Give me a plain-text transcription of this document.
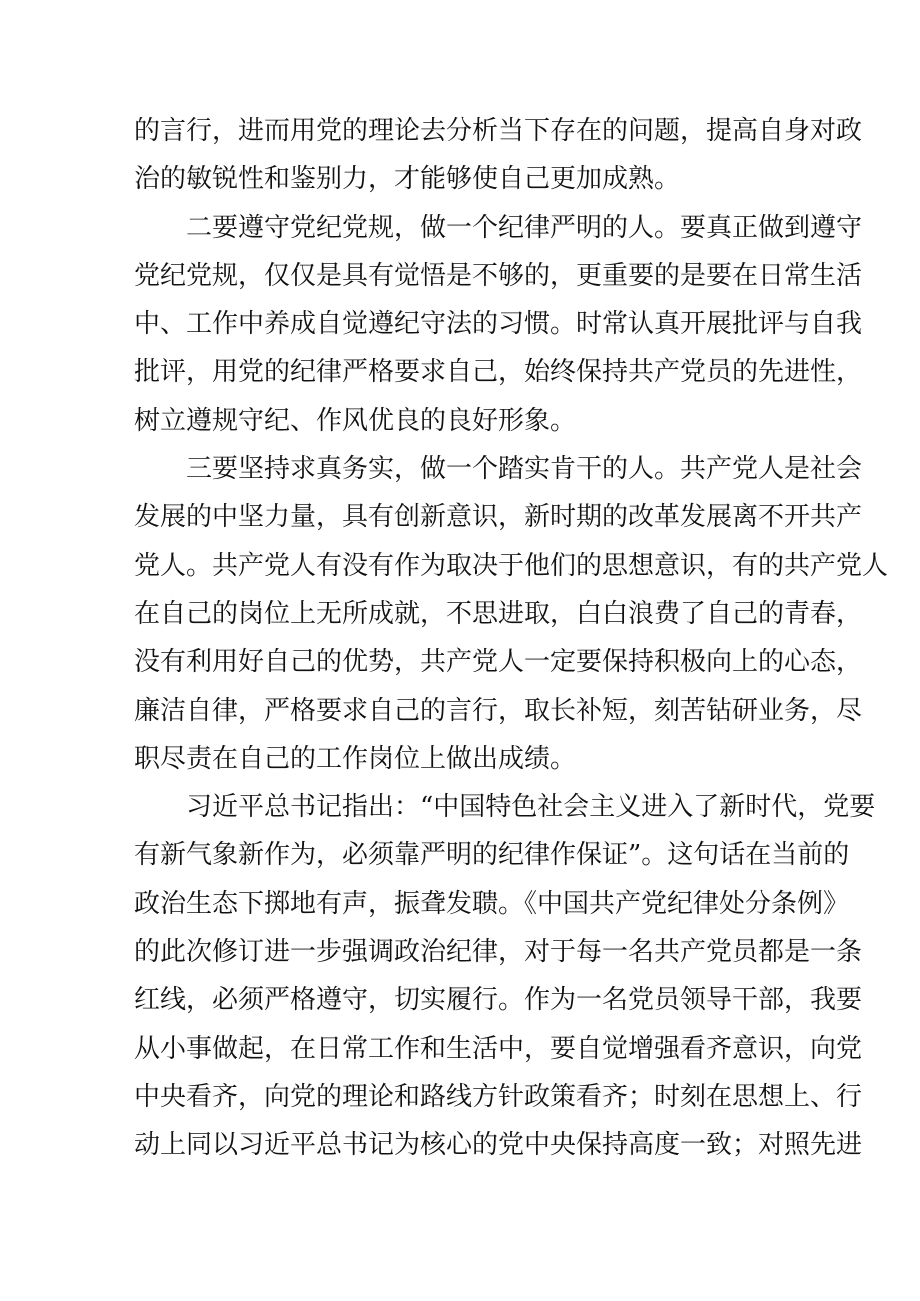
的言行，进而用党的理论去分析当下存在的问题，提高自身对政
治的敏锐性和鉴别力，才能够使自己更加成熟。
二要遵守党纪党规，做一个纪律严明的人。要真正做到遵守
党纪党规，仅仅是具有觉悟是不够的，更重要的是要在日常生活
中、工作中养成自觉遵纪守法的习惯。时常认真开展批评与自我
批评，用党的纪律严格要求自己，始终保持共产党员的先进性，
树立遵规守纪、作风优良的良好形象。
三要坚持求真务实，做一个踏实肯干的人。共产党人是社会
发展的中坚力量，具有创新意识，新时期的改革发展离不开共产
党人。共产党人有没有作为取决于他们的思想意识，有的共产党人
在自己的岗位上无所成就，不思进取，白白浪费了自己的青春，
没有利用好自己的优势，共产党人一定要保持积极向上的心态，
廉洁自律，严格要求自己的言行，取长补短，刻苦钻研业务，尽
职尽责在自己的工作岗位上做出成绩。
习近平总书记指出：“中国特色社会主义进入了新时代，党要
有新气象新作为，必须靠严明的纪律作保证”。这句话在当前的
政治生态下掷地有声，振聋发聩。《中国共产党纪律处分条例》
的此次修订进一步强调政治纪律，对于每一名共产党员都是一条
红线，必须严格遵守，切实履行。作为一名党员领导干部，我要
从小事做起，在日常工作和生活中，要自觉增强看齐意识，向党
中央看齐，向党的理论和路线方针政策看齐；时刻在思想上、行
动上同以习近平总书记为核心的党中央保持高度一致；对照先进
